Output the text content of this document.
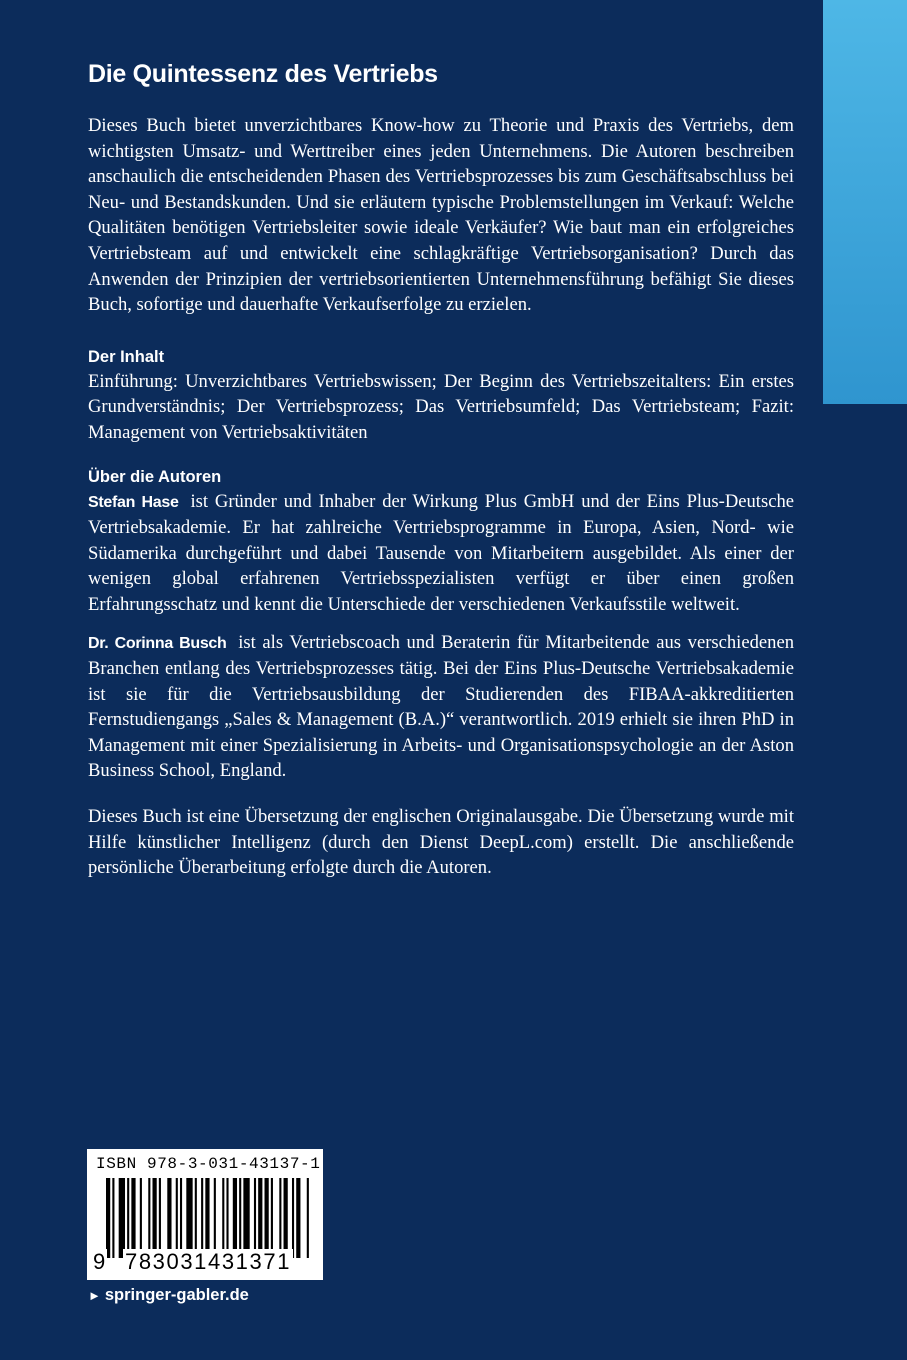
Die Quintessenz des Vertriebs

Dieses Buch bietet unverzichtbares Know-how zu Theorie und Praxis des Vertriebs, dem wichtigsten Umsatz- und Werttreiber eines jeden Unternehmens. Die Autoren beschreiben anschaulich die entscheidenden Phasen des Vertriebsprozesses bis zum Geschäftsabschluss bei Neu- und Bestandskunden. Und sie erläutern typische Problemstellungen im Verkauf: Welche Qualitäten benötigen Vertriebsleiter sowie ideale Verkäufer? Wie baut man ein erfolgreiches Vertriebsteam auf und entwickelt eine schlagkräftige Vertriebsorganisation? Durch das Anwenden der Prinzipien der vertriebsorientierten Unternehmensführung befähigt Sie dieses Buch, sofortige und dauerhafte Verkaufserfolge zu erzielen.

Der Inhalt

Einführung: Unverzichtbares Vertriebswissen; Der Beginn des Vertriebszeitalters: Ein erstes Grundverständnis; Der Vertriebsprozess; Das Vertriebsumfeld; Das Vertriebsteam; Fazit: Management von Vertriebsaktivitäten

Über die Autoren

Stefan Hase ist Gründer und Inhaber der Wirkung Plus GmbH und der Eins Plus-Deutsche Vertriebsakademie. Er hat zahlreiche Vertriebsprogramme in Europa, Asien, Nord- wie Südamerika durchgeführt und dabei Tausende von Mitarbeitern ausgebildet. Als einer der wenigen global erfahrenen Vertriebsspezialisten verfügt er über einen großen Erfahrungsschatz und kennt die Unterschiede der verschiedenen Verkaufsstile weltweit.

Dr. Corinna Busch ist als Vertriebscoach und Beraterin für Mitarbeitende aus verschiedenen Branchen entlang des Vertriebsprozesses tätig. Bei der Eins Plus-Deutsche Vertriebsakademie ist sie für die Vertriebsausbildung der Studierenden des FIBAA-akkreditierten Fernstudiengangs „Sales & Management (B.A.)“ verantwortlich. 2019 erhielt sie ihren PhD in Management mit einer Spezialisierung in Arbeits- und Organisationspsychologie an der Aston Business School, England.

Dieses Buch ist eine Übersetzung der englischen Originalausgabe. Die Übersetzung wurde mit Hilfe künstlicher Intelligenz (durch den Dienst DeepL.com) erstellt. Die anschließende persönliche Überarbeitung erfolgte durch die Autoren.

ISBN 978-3-031-43137-1
9 783031431371
► springer-gabler.de
